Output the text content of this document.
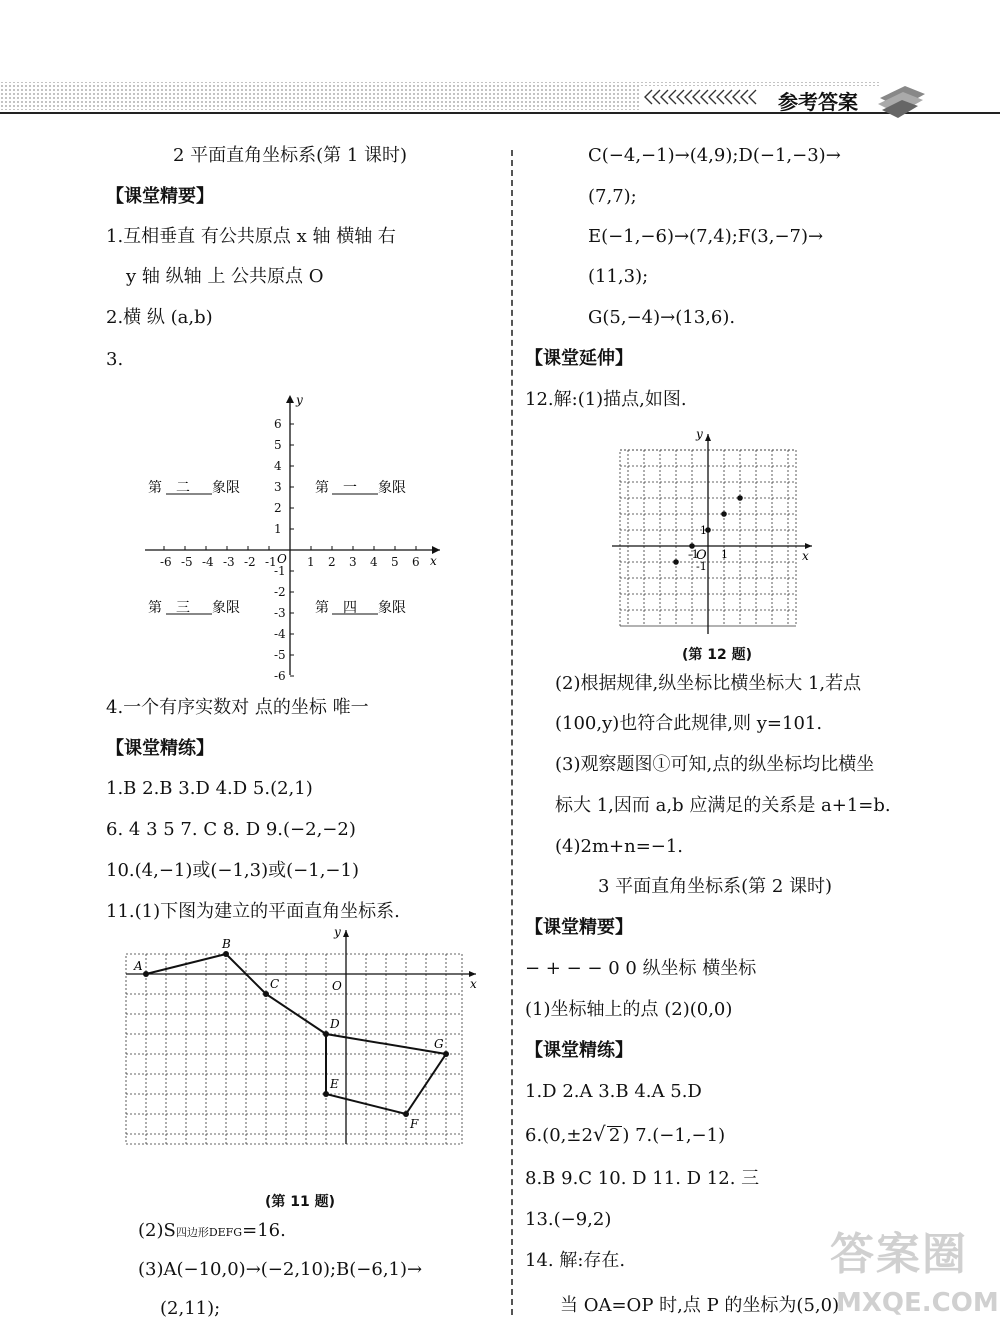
参考答案
2 平面直角坐标系(第 1 课时)
【课堂精要】
1.互相垂直 有公共原点 x 轴 横轴 右
y 轴 纵轴 上 公共原点 O
2.横 纵 (a,b)
3.
-6 -5 -4 -3 -2 -1	1 2 3 4 5 6
6
5
4
3
2
1
-1
-2
-3
-4
-5
-6
x
y
O
第 二 象限	第 一 象限
第 三 象限	第 四 象限
4.一个有序实数对 点的坐标 唯一
【课堂精练】
1.B 2.B 3.D 4.D 5.(2,1)
6. 4 3 5 7. C 8. D 9.(−2,−2)
10.(4,−1)或(−1,3)或(−1,−1)
11.(1)下图为建立的平面直角坐标系.
A
B
C
D
E
F
G
x
y
O
(第 11 题)
(2)S四边形DEFG=16.
(3)A(−10,0)→(−2,10);B(−6,1)→
(2,11);
C(−4,−1)→(4,9);D(−1,−3)→
(7,7);
E(−1,−6)→(7,4);F(3,−7)→
(11,3);
G(5,−4)→(13,6).
【课堂延伸】
12.解:(1)描点,如图.
x
y
O 1
-1
1
-1
(第 12 题)
(2)根据规律,纵坐标比横坐标大 1,若点
(100,y)也符合此规律,则 y=101.
(3)观察题图①可知,点的纵坐标均比横坐
标大 1,因而 a,b 应满足的关系是 a+1=b.
(4)2m+n=−1.
3 平面直角坐标系(第 2 课时)
【课堂精要】
− + − − 0 0 纵坐标 横坐标
(1)坐标轴上的点 (2)(0,0)
【课堂精练】
1.D 2.A 3.B 4.A 5.D
6.(0,±2 √ 2 ) 7.(−1,−1)
8.B 9.C 10. D 11. D 12. 三
13.(−9,2)
14. 解:存在.
当 OA=OP 时,点 P 的坐标为(5,0)
答案圈
MXQE.COM
